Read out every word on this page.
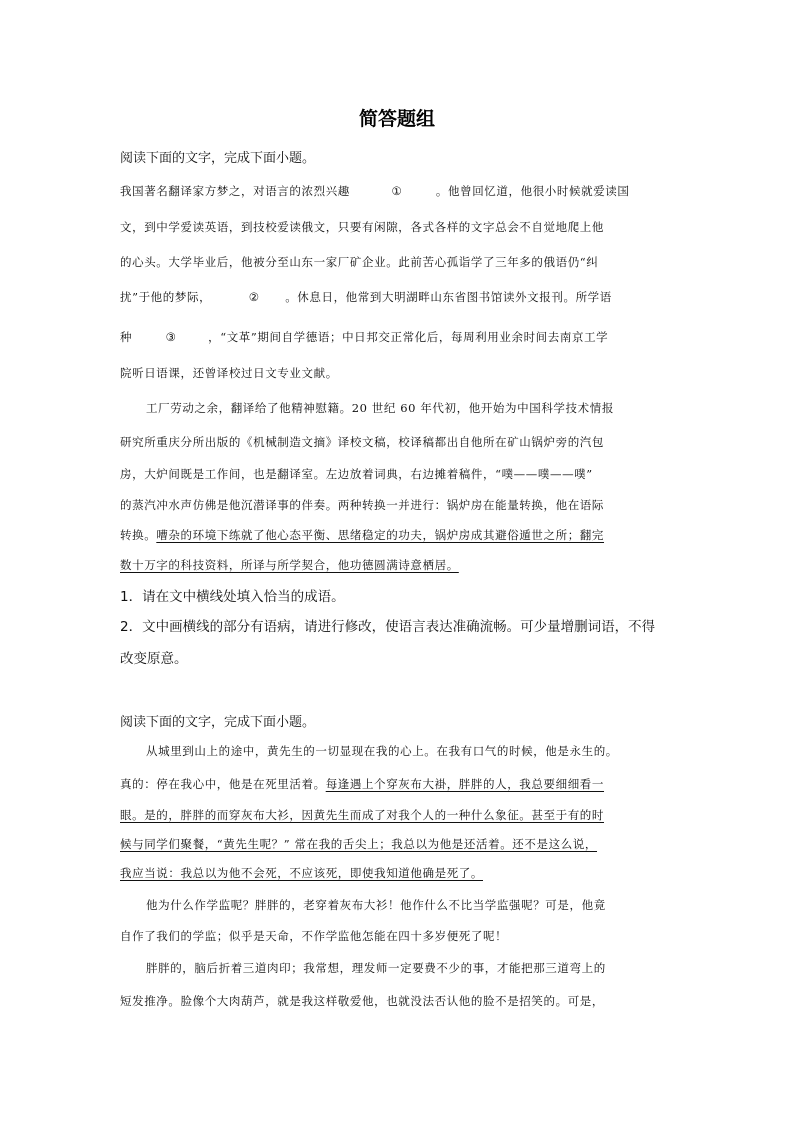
简答题组
阅读下面的文字，完成下面小题。
我国著名翻译家方梦之，对语言的浓烈兴趣	①	。他曾回忆道，他很小时候就爱读国
文，到中学爱读英语，到技校爱读俄文，只要有闲隙，各式各样的文字总会不自觉地爬上他
的心头。大学毕业后，他被分至山东一家厂矿企业。此前苦心孤诣学了三年多的俄语仍“纠
扰”于他的梦际，	② 。休息日，他常到大明湖畔山东省图书馆读外文报刊。所学语
种	③	，“文革”期间自学德语；中日邦交正常化后，每周利用业余时间去南京工学
院听日语课，还曾译校过日文专业文献。
工厂劳动之余，翻译给了他精神慰籍。20 世纪 60 年代初，他开始为中国科学技术情报
研究所重庆分所出版的《机械制造文摘》译校文稿，校译稿都出自他所在矿山锅炉旁的汽包
房，大炉间既是工作间，也是翻译室。左边放着词典，右边摊着稿件，“噗——噗——噗”
的蒸汽冲水声仿佛是他沉潜译事的伴奏。两种转换一并进行：锅炉房在能量转换，他在语际
转换。嘈杂的环境下练就了他心态平衡、思绪稳定的功夫，锅炉房成其避俗遁世之所；翻完
数十万字的科技资料，所译与所学契合，他功德圆满诗意栖居。
1．请在文中横线处填入恰当的成语。
2．文中画横线的部分有语病，请进行修改，使语言表达准确流畅。可少量增删词语，不得
改变原意。
阅读下面的文字，完成下面小题。
从城里到山上的途中，黄先生的一切显现在我的心上。在我有口气的时候，他是永生的。
真的：停在我心中，他是在死里活着。每逢遇上个穿灰布大褂，胖胖的人，我总要细细看一
眼。是的，胖胖的而穿灰布大衫，因黄先生而成了对我个人的一种什么象征。甚至于有的时
候与同学们聚餐，“黄先生呢？” 常在我的舌尖上；我总以为他是还活着。还不是这么说，
我应当说：我总以为他不会死，不应该死，即使我知道他确是死了。
他为什么作学监呢？胖胖的，老穿着灰布大衫！他作什么不比当学监强呢？可是，他竟
自作了我们的学监；似乎是天命，不作学监他怎能在四十多岁便死了呢！
胖胖的，脑后折着三道肉印；我常想，理发师一定要费不少的事，才能把那三道弯上的
短发推净。脸像个大肉葫芦，就是我这样敬爱他，也就没法否认他的脸不是招笑的。可是，
